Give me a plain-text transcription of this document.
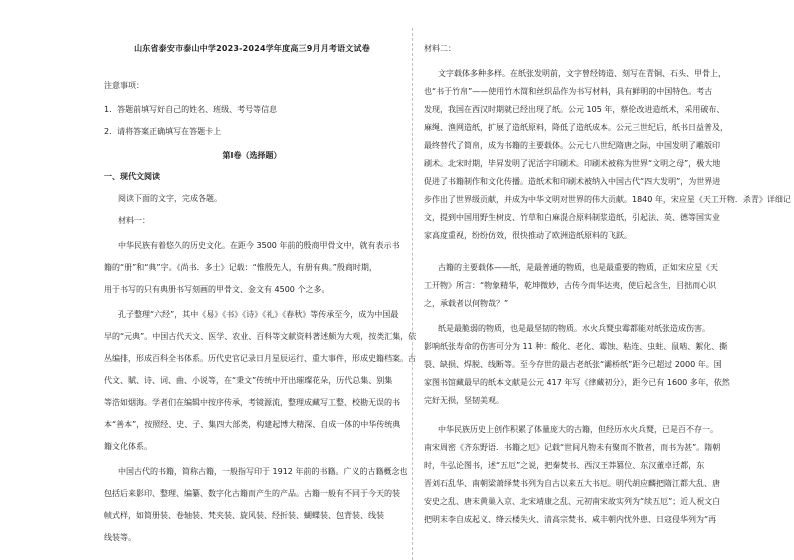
山东省泰安市泰山中学2023-2024学年度高三9月月考语文试卷
注意事项：
1．答题前填写好自己的姓名、班级、考号等信息
2．请将答案正确填写在答题卡上
第I卷（选择题）
一、现代文阅读
阅读下面的文字，完成各题。
材料一：
中华民族有着悠久的历史文化。在距今 3500 年前的殷商甲骨文中，就有表示书
籍的“册”和“典”字。《尚书．多士》记载：“惟殷先人，有册有典。”殷商时期，
用于书写的只有典册书写刻画的甲骨文、金文有 4500 个之多。
孔子整理“六经”，其中《易》《书》《诗》《礼》《春秋》等传承至今，成为中国最
早的“元典”。中国古代天文、医学、农业、百科等文献资料著述颇为大观，按类汇集，依
丛编排，形成百科全书体系。历代史官记录日月星辰运行、重大事件，形成史籍档案。古
代文、賦、诗、词、曲、小说等，在“秉文”传统中开出璀璨花朵，历代总集、别集
等浩如烟海。学者们在编辑中按序传承，考镜源流，整理成藏写工整、校勘无误的书
本“善本”，按照经、史、子、集四大部类，构建起博大精深、自成一体的中华传统典
籍文化体系。
中国古代的书籍，简称古籍，一般指写印于 1912 年前的书籍。广义的古籍概念也
包括后来影印、整理、编纂、数字化古籍而产生的产品。古籍一般有不同于今天的装
帧式样，如简册装、卷轴装、梵夹装、旋风装、经折装、蝴蝶装、包背装、线装
线装等。
材料二：
文字载体多种多样。在纸张发明前，文字曾经铸造、刻写在青铜、石头、甲骨上，
也“书于竹帛”——使用竹木简和丝织品作为书写材料，具有鲜明的中国特色。考古
发现，我国在西汉时期就已经出现了纸。公元 105 年，蔡伦改进造纸术，采用破布、
麻绳、渔网造纸，扩展了造纸原料，降低了造纸成本。公元三世纪后，纸书日益普及，
最终替代了简帛，成为书籍的主要载体。公元七八世纪隋唐之际，中国发明了雕版印
刷术。北宋时期，毕昇发明了泥活字印刷术。印刷术被称为世界“文明之母”，极大地
促进了书籍制作和文化传播。造纸术和印刷术被纳入中国古代“四大发明”，为世界进
步作出了世界级贡献，并成为中华文明对世界的伟大贡献。1840 年，宋应星《天工开物．杀青》详细记
文，提到中国用野生树皮、竹草和白麻混合原料制浆造纸，引起法、英、德等国实业
家高度重视，纷纷仿效，很快推动了欧洲造纸原料的飞跃。
古籍的主要载体——纸，是最普通的物质，也是最重要的物质，正如宋应星《天
工开物》所言：“物象精华，乾坤微妙，古传今而华达夷，使后起含生，目拙而心识
之，承载者以何物哉？”
纸是最脆弱的物质，也是最坚韧的物质。水火兵燹虫霉都能对纸张造成伤害。
影响纸张寿命的伤害可分为 11 种：酸化、老化、霉蚀、粘连、虫蛀、鼠啮、絮化、撕
裂、缺损、焊脱、线断等。至今存世的最古老纸张“灞桥纸”距今已超过 2000 年。国
家图书馆藏最早的纸本文献是公元 417 年写《律藏初分》，距今已有 1600 多年，依然
完好无损，坚韧美观。
中华民族历史上创作积累了体量庞大的古籍，但经历水火兵燹，已是百不存一。
南宋周密《齐东野语．书籍之厄》记载“世间凡物未有聚而不散者，而书为甚”。隋朝
时，牛弘论图书，述“五厄”之说，把秦焚书、西汉王莽篡位、东汉董卓迁都，东
晋刘石乱华、南朝梁萧绎焚书列为自古以来五大书厄。明代胡应麟把隋江都大乱、唐
安史之乱、唐末黄巢入京、北宋靖康之乱、元初南宋故实列为“续五厄”；近人祝文白
把明末李自成起义、绛云楼失火、清高宗焚书、咸丰朝内忧外患、日寇侵华列为“再
